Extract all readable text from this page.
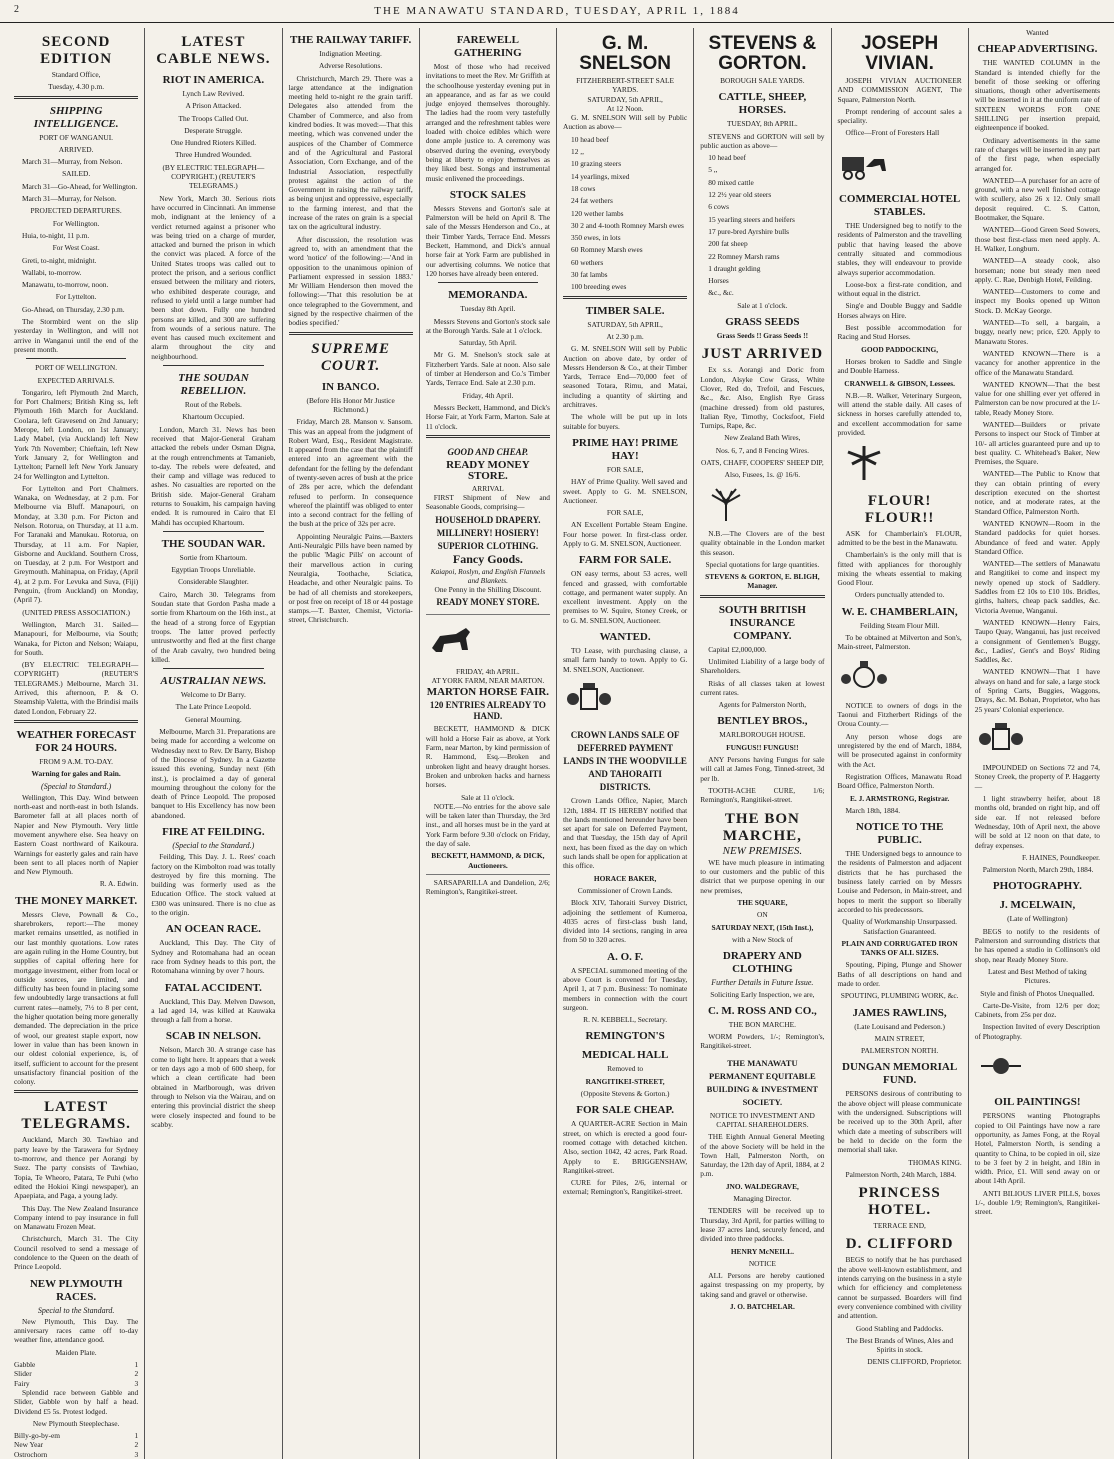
2	THE MANAWATU STANDARD, TUESDAY, APRIL 1, 1884
SECOND EDITION

Standard Office,

Tuesday, 4.30 p.m.

SHIPPING INTELLIGENCE.

PORT OF WANGANUI.

ARRIVED.

March 31—Murray, from Nelson.

SAILED.

March 31—Go-Ahead, for Wellington.

March 31—Murray, for Nelson.

PROJECTED DEPARTURES.

For Wellington.

Huia, to-night, 11 p.m.

For West Coast.

Greti, to-night, midnight.

Wallabi, to-morrow.

Manawatu, to-morrow, noon.

For Lyttelton.

Go-Ahead, on Thursday, 2.30 p.m.

The Stormbird went on the slip yesterday in Wellington, and will not arrive in Wanganui until the end of the present month.

PORT OF WELLINGTON.

EXPECTED ARRIVALS.

Tongariro, left Plymouth 2nd March, for Port Chalmers; British King ss, left Plymouth 16th March for Auckland. Coolara, left Gravesend on 2nd January; Merope, left London, on 1st January; Lady Mabel, (via Auckland) left New York 7th November; Chieftain, left New York January 2, for Wellington and Lyttelton; Parnell left New York January 24 for Wellington and Lyttelton.

For Lyttelton and Port Chalmers. Wanaka, on Wednesday, at 2 p.m. For Melbourne via Bluff. Manapouri, on Monday, at 3.30 p.m. For Picton and Nelson. Rotorua, on Thursday, at 11 a.m. For Taranaki and Manukau. Rotorua, on Thursday, at 11 a.m. For Napier, Gisborne and Auckland. Southern Cross, on Tuesday, at 2 p.m. For Westport and Greymouth. Mahinapua, on Friday, (April 4), at 2 p.m. For Levuka and Suva, (Fiji) Penguin, (from Auckland) on Monday, (April 7).

(UNITED PRESS ASSOCIATION.)

Wellington, March 31. Sailed—Manapouri, for Melbourne, via South; Wanaka, for Picton and Nelson; Waiapu, for South.

(BY ELECTRIC TELEGRAPH—COPYRIGHT) (REUTER'S TELEGRAMS.) Melbourne, March 31. Arrived, this afternoon, P. & O. Steamship Valetta, with the Brindisi mails dated London, February 22.

WEATHER FORECAST FOR 24 HOURS.

FROM 9 A.M. TO-DAY.

Warning for gales and Rain.

(Special to Standard.)

Wellington, This Day. Wind between north-east and north-east in both Islands. Barometer fall at all places north of Napier and New Plymouth. Very little movement anywhere else. Sea heavy on Eastern Coast northward of Kaikoura. Warnings for easterly gales and rain have been sent to all places north of Napier and New Plymouth.

R. A. Edwin.

THE MONEY MARKET.

Messrs Cleve, Pownall & Co., sharebrokers, report:—The money market remains unsettled, as notified in our last monthly quotations. Low rates are again ruling in the Home Country, but supplies of capital offering here for mortgage investment, either from local or outside sources, are limited, and difficulty has been found in placing some few undoubtedly large transactions at full current rates—namely, 7½ to 8 per cent, the higher quotation being more generally demanded. The depreciation in the price of wool, our greatest staple export, now lower in value than has been known in our oldest colonial experience, is, of itself, sufficient to account for the present unsatisfactory financial position of the colony.

LATEST TELEGRAMS.

Auckland, March 30. Tawhiao and party leave by the Tarawera for Sydney to-morrow, and thence per Aorangi by Suez. The party consists of Tawhiao, Topia, Te Wheoro, Patara, Te Puhi (who edited the Hokioi Kingi newspaper), an Apaepiata, and Paga, a young lady.

This Day. The New Zealand Insurance Company intend to pay insurance in full on Manawatu Frozen Meat.

Christchurch, March 31. The City Council resolved to send a message of condolence to the Queen on the death of Prince Leopold.

NEW PLYMOUTH RACES.
Special to the Standard.

New Plymouth, This Day. The anniversary races came off to-day weather fine, attendance good.

Maiden Plate.

Gabble	1
Slider	2
Fairy	3

Splendid race between Gabble and Slider, Gabble won by half a head. Dividend £5 5s. Protest lodged.

New Plymouth Steeplechase.

Billy-go-by-em	1
New Year	2
Ostrochorn	3
LATEST CABLE NEWS.
RIOT IN AMERICA.

Lynch Law Revived.

A Prison Attacked.

The Troops Called Out.

Desperate Struggle.

One Hundred Rioters Killed.

Three Hundred Wounded.

(BY ELECTRIC TELEGRAPH—COPYRIGHT.) (REUTER'S TELEGRAMS.)

New York, March 30. Serious riots have occurred in Cincinnati. An immense mob, indignant at the leniency of a verdict returned against a prisoner who was being tried on a charge of murder, attacked and burned the prison in which the convict was placed. A force of the United States troops was called out to protect the prison, and a serious conflict ensued between the military and rioters, who exhibited desperate courage, and refused to yield until a large number had been shot down. Fully one hundred persons are killed, and 300 are suffering from wounds of a serious nature. The event has caused much excitement and alarm throughout the city and neighbourhood.

THE SOUDAN REBELLION.

Rout of the Rebels.

Khartoum Occupied.

London, March 31. News has been received that Major-General Graham attacked the rebels under Osman Digna, at the rough entrenchments at Tamanieb, to-day. The rebels were defeated, and their camp and village was reduced to ashes. No casualties are reported on the British side. Major-General Graham returns to Souakim, his campaign having ended. It is rumoured in Cairo that El Mahdi has occupied Khartoum.

THE SOUDAN WAR.

Sortie from Khartoum.

Egyptian Troops Unreliable.

Considerable Slaughter.

Cairo, March 30. Telegrams from Soudan state that Gordon Pasha made a sortie from Khartoum on the 16th inst., at the head of a strong force of Egyptian troops. The latter proved perfectly untrustworthy and fled at the first charge of the Arab cavalry, two hundred being killed.

AUSTRALIAN NEWS.

Welcome to Dr Barry.

The Late Prince Leopold.

General Mourning.

Melbourne, March 31. Preparations are being made for according a welcome on Wednesday next to Rev. Dr Barry, Bishop of the Diocese of Sydney. In a Gazette issued this evening, Sunday next (6th inst.), is proclaimed a day of general mourning throughout the colony for the death of Prince Leopold. The proposed banquet to His Excellency has now been abandoned.

FIRE AT FEILDING.
(Special to the Standard.)

Feilding, This Day. J. L. Rees' coach factory on the Kimbolton road was totally destroyed by fire this morning. The building was formerly used as the Education Office. The stock valued at £300 was uninsured. There is no clue as to the origin.

AN OCEAN RACE.

Auckland, This Day. The City of Sydney and Rotomahana had an ocean race from Sydney heads to this port, the Rotomahana winning by over 7 hours.

FATAL ACCIDENT.

Auckland, This Day. Melven Dawson, a lad aged 14, was killed at Kauwaka through a fall from a horse.

SCAB IN NELSON.

Nelson, March 30. A strange case has come to light here. It appears that a week or ten days ago a mob of 600 sheep, for which a clean certificate had been obtained in Marlborough, was driven through to Nelson via the Wairau, and on entering this provincial district the sheep were closely inspected and found to be scabby.

THE RAILWAY TARIFF.

Indignation Meeting.

Adverse Resolutions.

Christchurch, March 29. There was a large attendance at the indignation meeting held to-night re the grain tariff. Delegates also attended from the Chamber of Commerce, and also from kindred bodies. It was moved:—That this meeting, which was convened under the auspices of the Chamber of Commerce and of the Agricultural and Pastoral Association, Corn Exchange, and of the Industrial Association, respectfully protest against the action of the Government in raising the railway tariff, as being unjust and oppressive, especially to the farming interest, and that the increase of the rates on grain is a special tax on the agricultural industry.

After discussion, the resolution was agreed to, with an amendment that the word 'notice' of the following:—'And in opposition to the unanimous opinion of Parliament expressed in session 1883.' Mr William Henderson then moved the following:—'That this resolution be at once telegraphed to the Government, and signed by the respective chairmen of the bodies specified.'

SUPREME COURT.
IN BANCO.

(Before His Honor Mr Justice Richmond.)

Friday, March 28. Manson v. Sansom. This was an appeal from the judgment of Robert Ward, Esq., Resident Magistrate. It appeared from the case that the plaintiff entered into an agreement with the defendant for the felling by the defendant of twenty-seven acres of bush at the price of 28s per acre, which the defendant refused to perform. In consequence whereof the plaintiff was obliged to enter into a second contract for the felling of the bush at the price of 32s per acre.

Appointing Neuralgic Pains.—Baxters Anti-Neuralgic Pills have been named by the public 'Magic Pills' on account of their marvellous action in curing Neuralgia, Toothache, Sciatica, Headache, and other Neuralgic pains. To be had of all chemists and storekeepers, or post free on receipt of 18 or 44 postage stamps.—T. Baxter, Chemist, Victoria-street, Christchurch.

FAREWELL GATHERING

Most of those who had received invitations to meet the Rev. Mr Griffith at the schoolhouse yesterday evening put in an appearance, and as far as we could judge enjoyed themselves thoroughly. The ladies had the room very tastefully arranged and the refreshment tables were loaded with choice edibles which were done ample justice to. A ceremony was observed during the evening, everybody being at liberty to enjoy themselves as they liked best. Songs and instrumental music enlivened the proceedings.

STOCK SALES

Messrs Stevens and Gorton's sale at Palmerston will be held on April 8. The sale of the Messrs Henderson and Co., at their Timber Yards, Terrace End. Messrs Beckett, Hammond, and Dick's annual horse fair at York Farm are published in our advertising columns. We notice that 120 horses have already been entered.

MEMORANDA.

Tuesday 8th April.

Messrs Stevens and Gorton's stock sale at the Borough Yards. Sale at 1 o'clock.

Saturday, 5th April.

Mr G. M. Snelson's stock sale at Fitzherbert Yards. Sale at noon. Also sale of timber at Henderson and Co.'s Timber Yards, Terrace End. Sale at 2.30 p.m.

Friday, 4th April.

Messrs Beckett, Hammond, and Dick's Horse Fair, at York Farm, Marton. Sale at 11 o'clock.

GOOD AND CHEAP.
READY MONEY STORE.
ARRIVAL

FIRST Shipment of New and Seasonable Goods, comprising—

HOUSEHOLD DRAPERY.
MILLINERY! HOSIERY!
SUPERIOR CLOTHING.
Fancy Goods.
Kaiapoi, Roslyn, and English Flannels and Blankets.
One Penny in the Shilling Discount.
READY MONEY STORE.
FRIDAY, 4th APRIL.
AT YORK FARM, NEAR MARTON.
MARTON HORSE FAIR.
120 ENTRIES ALREADY TO HAND.

BECKETT, HAMMOND & DICK will hold a Horse Fair as above, at York Farm, near Marton, by kind permission of R. Hammond, Esq.—Broken and unbroken light and heavy draught horses. Broken and unbroken hacks and harness horses.

Sale at 11 o'clock.

NOTE.—No entries for the above sale will be taken later than Thursday, the 3rd inst., and all horses must be in the yard at York Farm before 9.30 o'clock on Friday, the day of sale.

BECKETT, HAMMOND, & DICK, Auctioneers.

SARSAPARILLA and Dandelion, 2/6; Remington's, Rangitikei-street.

G. M. SNELSON
FITZHERBERT-STREET SALE YARDS.
SATURDAY, 5th APRIL,
At 12 Noon.

G. M. SNELSON Will sell by Public Auction as above—

10 head beef

12 ,,

10 grazing steers

14 yearlings, mixed

18 cows

24 fat wethers

120 wether lambs

30 2 and 4-tooth Romney Marsh ewes

350 ewes, in lots

60 Romney Marsh ewes

60 wethers

30 fat lambs

100 breeding ewes

TIMBER SALE.

SATURDAY, 5th APRIL,

At 2.30 p.m.

G. M. SNELSON Will sell by Public Auction on above date, by order of Messrs Henderson & Co., at their Timber Yards, Terrace End—70,000 feet of seasoned Totara, Rimu, and Matai, including a quantity of skirting and architraves.

The whole will be put up in lots suitable for buyers.

PRIME HAY! PRIME HAY!

FOR SALE,

HAY of Prime Quality. Well saved and sweet. Apply to G. M. SNELSON, Auctioneer.

FOR SALE,

AN Excellent Portable Steam Engine. Four horse power. In first-class order. Apply to G. M. SNELSON, Auctioneer.

FARM FOR SALE.

ON easy terms, about 53 acres, well fenced and grassed, with comfortable cottage, and permanent water supply. An excellent investment. Apply on the premises to W. Squire, Stoney Creek, or to G. M. SNELSON, Auctioneer.

WANTED.

TO Lease, with purchasing clause, a small farm handy to town. Apply to G. M. SNELSON, Auctioneer.

CROWN LANDS SALE OF DEFERRED PAYMENT LANDS IN THE WOODVILLE AND TAHORAITI DISTRICTS.

Crown Lands Office, Napier, March 12th, 1884. IT IS HEREBY notified that the lands mentioned hereunder have been set apart for sale on Deferred Payment, and that Tuesday, the 15th day of April next, has been fixed as the day on which such lands shall be open for application at this office.

HORACE BAKER,

Commissioner of Crown Lands.

Block XIV, Tahoraiti Survey District, adjoining the settlement of Kumeroa, 4035 acres of first-class bush land, divided into 14 sections, ranging in area from 50 to 320 acres.

A. O. F.

A SPECIAL summoned meeting of the above Court is convened for Tuesday, April 1, at 7 p.m. Business: To nominate members in connection with the court surgeon.

R. N. KEBBELL, Secretary.

REMINGTON'S
MEDICAL HALL

Removed to

RANGITIKEI-STREET,

(Opposite Stevens & Gorton.)

FOR SALE CHEAP.

A QUARTER-ACRE Section in Main street, on which is erected a good four-roomed cottage with detached kitchen. Also, section 1042, 42 acres, Park Road. Apply to E. BRIGGENSHAW, Rangitikei-street.

CURE for Piles, 2/6, internal or external; Remington's, Rangitikei-street.

STEVENS & GORTON.

BOROUGH SALE YARDS.

CATTLE, SHEEP, HORSES.

TUESDAY, 8th APRIL.

STEVENS and GORTON will sell by public auction as above—

10 head beef

5 ,,

80 mixed cattle

12 2½ year old steers

6 cows

15 yearling steers and heifers

17 pure-bred Ayrshire bulls

200 fat sheep

22 Romney Marsh rams

1 draught gelding

Horses

&c., &c.

Sale at 1 o'clock.

GRASS SEEDS

Grass Seeds !! Grass Seeds !!

JUST ARRIVED

Ex s.s. Aorangi and Doric from London, Alsyke Cow Grass, White Clover, Red do, Trefoil, and Fescues, &c., &c. Also, English Rye Grass (machine dressed) from old pastures, Italian Rye, Timothy, Cocksfoot, Field Turnips, Rape, &c.

New Zealand Bath Wires,

Nos. 6, 7, and 8 Fencing Wires.

OATS, CHAFF, COOPERS' SHEEP DIP,

Also, Fusees, 1s. @ 16/6.

N.B.—The Clovers are of the best quality obtainable in the London market this season.

Special quotations for large quantities.

STEVENS & GORTON, E. BLIGH, Manager.

SOUTH BRITISH INSURANCE COMPANY.

Capital £2,000,000.

Unlimited Liability of a large body of Shareholders.

Risks of all classes taken at lowest current rates.

Agents for Palmerston North,

BENTLEY BROS.,

MARLBOROUGH HOUSE.

FUNGUS!! FUNGUS!!

ANY Persons having Fungus for sale will call at James Fong, Tinned-street, 3d per lb.

TOOTH-ACHE CURE, 1/6; Remington's, Rangitikei-street.

THE BON MARCHE,
NEW PREMISES.

WE have much pleasure in intimating to our customers and the public of this district that we purpose opening in our new premises,

THE SQUARE,

ON

SATURDAY NEXT, (15th Inst.),

with a New Stock of

DRAPERY AND CLOTHING
Further Details in Future Issue.

Soliciting Early Inspection, we are,

C. M. ROSS AND CO.,

THE BON MARCHE.

WORM Powders, 1/-; Remington's, Rangitikei-street.

THE MANAWATU PERMANENT EQUITABLE BUILDING & INVESTMENT SOCIETY.

NOTICE TO INVESTMENT AND CAPITAL SHAREHOLDERS.

THE Eighth Annual General Meeting of the above Society will be held in the Town Hall, Palmerston North, on Saturday, the 12th day of April, 1884, at 2 p.m.

JNO. WALDEGRAVE,

Managing Director.

TENDERS will be received up to Thursday, 3rd April, for parties willing to lease 37 acres land, securely fenced, and divided into three paddocks.

HENRY McNEILL.

NOTICE

ALL Persons are hereby cautioned against trespassing on my property, by taking sand and gravel or otherwise.

J. O. BATCHELAR.

JOSEPH VIVIAN.

JOSEPH VIVIAN AUCTIONEER AND COMMISSION AGENT, The Square, Palmerston North.

Prompt rendering of account sales a speciality.

Office—Front of Foresters Hall

COMMERCIAL HOTEL STABLES.

THE Undersigned beg to notify to the residents of Palmerston and the travelling public that having leased the above centrally situated and commodious stables, they will endeavour to provide always superior accommodation.

Loose-box a first-rate condition, and without equal in the district.

Sing'e and Double Buggy and Saddle Horses always on Hire.

Best possible accommodation for Racing and Stud Horses.

GOOD PADDOCKING,

Horses broken to Saddle and Single and Double Harness.

CRANWELL & GIBSON, Lessees.

N.B.—R. Walker, Veterinary Surgeon, will attend the stable daily. All cases of sickness in horses carefully attended to, and excellent accommodation for same provided.

FLOUR! FLOUR!!

ASK for Chamberlain's FLOUR, admitted to be the best in the Manawatu.

Chamberlain's is the only mill that is fitted with appliances for thoroughly mixing the wheats essential to making Good Flour.

Orders punctually attended to.

W. E. CHAMBERLAIN,

Feilding Steam Flour Mill.

To be obtained at Milverton and Son's, Main-street, Palmerston.

NOTICE to owners of dogs in the Taonui and Fitzherbert Ridings of the Oroua County.—

Any person whose dogs are unregistered by the end of March, 1884, will be prosecuted against in conformity with the Act.

Registration Offices, Manawatu Road Board Office, Palmerston North.

E. J. ARMSTRONG, Registrar.

March 18th, 1884.

NOTICE TO THE PUBLIC.

THE Undersigned begs to announce to the residents of Palmerston and adjacent districts that he has purchased the business lately carried on by Messrs Louise and Pederson, in Main-street, and hopes to merit the support so liberally accorded to his predecessors.

Quality of Workmanship Unsurpassed. Satisfaction Guaranteed.

PLAIN AND CORRUGATED IRON TANKS OF ALL SIZES.

Spouting, Piping, Plunge and Shower Baths of all descriptions on hand and made to order.

SPOUTING, PLUMBING WORK, &c.

JAMES RAWLINS,

(Late Louisand and Pederson.)

MAIN STREET,

PALMERSTON NORTH.

DUNGAN MEMORIAL FUND.

PERSONS desirous of contributing to the above object will please communicate with the undersigned. Subscriptions will be received up to the 30th April, after which date a meeting of subscribers will be held to decide on the form the memorial shall take.

THOMAS KING.

Palmerston North, 24th March, 1884.

PRINCESS HOTEL.

TERRACE END,

D. CLIFFORD

BEGS to notify that he has purchased the above well-known establishment, and intends carrying on the business in a style which for efficiency and completeness cannot be surpassed. Boarders will find every convenience combined with civility and attention.

Good Stabling and Paddocks.

The Best Brands of Wines, Ales and Spirits in stock.

DENIS CLIFFORD, Proprietor.

Wanted

CHEAP ADVERTISING.

THE WANTED COLUMN in the Standard is intended chiefly for the benefit of those seeking or offering situations, though other advertisements will be inserted in it at the uniform rate of SIXTEEN WORDS FOR ONE SHILLING per insertion prepaid, eighteenpence if booked.

Ordinary advertisements in the same rate of charges will be inserted in any part of the first page, when especially arranged for.

WANTED—A purchaser for an acre of ground, with a new well finished cottage with scullery, also 26 x 12. Only small deposit required. C. S. Catton, Bootmaker, the Square.

WANTED—Good Green Seed Sowers, those best first-class men need apply. A. H. Walker, Longburn.

WANTED—A steady cook, also horseman; none but steady men need apply. C. Rae, Denbigh Hotel, Feilding.

WANTED—Customers to come and inspect my Books opened up Witton Stock. D. McKay George.

WANTED—To sell, a bargain, a buggy, nearly new; price, £20. Apply to Manawatu Stores.

WANTED KNOWN—There is a vacancy for another apprentice in the office of the Manawatu Standard.

WANTED KNOWN—That the best value for one shilling ever yet offered in Palmerston can be now procured at the 1/- table, Ready Money Store.

WANTED—Builders or private Persons to inspect our Stock of Timber at 10/- all articles guaranteed pure and up to best quality. C. Whitehead's Baker, New Premises, the Square.

WANTED—The Public to Know that they can obtain printing of every description executed on the shortest notice, and at moderate rates, at the Standard Office, Palmerston North.

WANTED KNOWN—Room in the Standard paddocks for quiet horses. Abundance of feed and water. Apply Standard Office.

WANTED—The settlers of Manawatu and Rangitikei to come and inspect my newly opened up stock of Saddlery. Saddles from £2 10s to £10 10s. Bridles, girths, halters, cheap pack saddles, &c. Victoria Avenue, Wanganui.

WANTED KNOWN—Henry Fairs, Taupo Quay, Wanganui, has just received a consignment of Gentlemen's Buggy, &c., Ladies', Gent's and Boys' Riding Saddles, &c.

WANTED KNOWN—That I have always on hand and for sale, a large stock of Spring Carts, Buggies, Waggons, Drays, &c. M. Bohan, Proprietor, who has 25 years' Colonial experience.

IMPOUNDED on Sections 72 and 74, Stoney Creek, the property of P. Haggerty—

1 light strawberry heifer, about 18 months old, branded on right hip, and off side ear. If not released before Wednesday, 10th of April next, the above will be sold at 12 noon on that date, to defray expenses.

F. HAINES, Poundkeeper.

Palmerston North, March 29th, 1884.

PHOTOGRAPHY.
J. MCELWAIN,

(Late of Wellington)

BEGS to notify to the residents of Palmerston and surrounding districts that he has opened a studio in Collinson's old shop, near Ready Money Store.

Latest and Best Method of taking Pictures.

Style and finish of Photos Unequalled.

Carte-De-Visite, from 12/6 per doz; Cabinets, from 25s per doz.

Inspection Invited of every Description of Photography.

OIL PAINTINGS!

PERSONS wanting Photographs copied to Oil Paintings have now a rare opportunity, as James Fong, at the Royal Hotel, Palmerston North, is sending a quantity to China, to be copied in oil, size to be 3 feet by 2 in height, and 18in in width. Price, £1. Will send away on or about 14th April.

ANTI BILIOUS LIVER PILLS, boxes 1/-, double 1/9; Remington's, Rangitikei-street.
